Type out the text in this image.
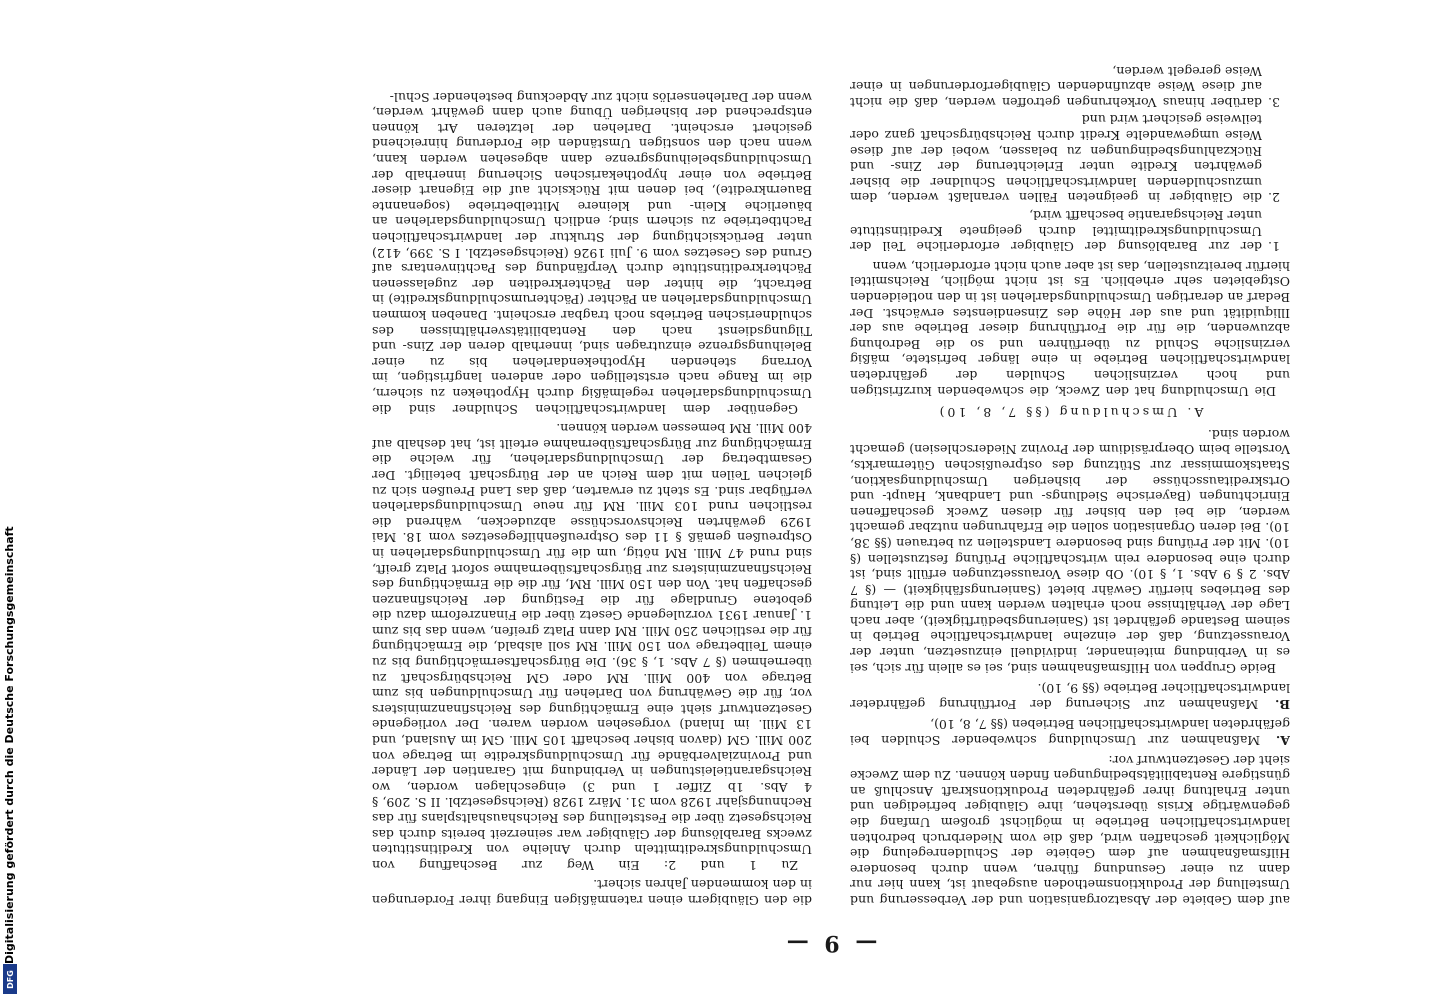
Digitalisierung gefördert durch die Deutsche Forschungsgemeinschaft
DFG
— 9 —

auf dem Gebiete der Absatzorganisation und der Verbesserung und Umstellung der Produktionsmethoden ausgebaut ist, kann hier nur dann zu einer Gesundung führen, wenn durch besondere Hilfsmaßnahmen auf dem Gebiete der Schuldenregelung die Möglichkeit geschaffen wird, daß die vom Niederbruch bedrohten landwirtschaftlichen Betriebe in möglichst großem Umfang die gegenwärtige Krisis überstehen, ihre Gläubiger befriedigen und unter Erhaltung ihrer gefährdeten Produktionskraft Anschluß an günstigere Rentabilitätsbedingungen finden können. Zu dem Zwecke sieht der Gesetzentwurf vor:

A. Maßnahmen zur Umschuldung schwebender Schulden bei gefährdeten landwirtschaftlichen Betrieben (§§ 7, 8, 10),
B. Maßnahmen zur Sicherung der Fortführung gefährdeter landwirtschaftlicher Betriebe (§§ 9, 10).

Beide Gruppen von Hilfsmaßnahmen sind, sei es allein für sich, sei es in Verbindung miteinander, individuell einzusetzen, unter der Voraussetzung, daß der einzelne landwirtschaftliche Betrieb in seinem Bestande gefährdet ist (Sanierungsbedürftigkeit), aber nach Lage der Verhältnisse noch erhalten werden kann und die Leitung des Betriebes hierfür Gewähr bietet (Sanierungsfähigkeit) — (§ 7 Abs. 2 § 9 Abs. 1, § 10). Ob diese Voraussetzungen erfüllt sind, ist durch eine besondere rein wirtschaftliche Prüfung festzustellen (§ 10). Mit der Prüfung sind besondere Landstellen zu betrauen (§§ 38, 10). Bei deren Organisation sollen die Erfahrungen nutzbar gemacht werden, die bei den bisher für diesen Zweck geschaffenen Einrichtungen (Bayerische Siedlungs- und Landbank, Haupt- und Ortskreditausschüsse der bisherigen Umschuldungsaktion, Staatskommissar zur Stützung des ostpreußischen Gütermarkts, Vorstelle beim Oberpräsidium der Provinz Niederschlesien) gemacht worden sind.

A. Umschuldung (§§ 7, 8, 10)

Die Umschuldung hat den Zweck, die schwebenden kurzfristigen und hoch verzinslichen Schulden der gefährdeten landwirtschaftlichen Betriebe in eine länger befristete, mäßig verzinsliche Schuld zu überführen und so die Bedrohung abzuwenden, die für die Fortführung dieser Betriebe aus der Illiquidität und aus der Höhe des Zinsendienstes erwächst. Der Bedarf an derartigen Umschuldungsdarlehen ist in den notleidenden Ostgebieten sehr erheblich. Es ist nicht möglich, Reichsmittel hierfür bereitzustellen, das ist aber auch nicht erforderlich, wenn

1.
der zur Barablösung der Gläubiger erforderliche Teil der Umschuldungskreditmittel durch geeignete Kreditinstitute unter Reichsgarantie beschafft wird,
2.
die Gläubiger in geeigneten Fällen veranlaßt werden, dem umzuschuldenden landwirtschaftlichen Schuldner die bisher gewährten Kredite unter Erleichterung der Zins- und Rückzahlungsbedingungen zu belassen, wobei der auf diese Weise umgewandelte Kredit durch Reichsbürgschaft ganz oder teilweise gesichert wird und
3.
darüber hinaus Vorkehrungen getroffen werden, daß die nicht auf diese Weise abzufindenden Gläubigerforderungen in einer Weise geregelt werden,

die den Gläubigern einen ratenmäßigen Eingang ihrer Forderungen in den kommenden Jahren sichert.

Zu 1 und 2: Ein Weg zur Beschaffung von Umschuldungskreditmitteln durch Anleihe von Kreditinstituten zwecks Barablösung der Gläubiger war seinerzeit bereits durch das Reichsgesetz über die Feststellung des Reichshaushaltsplans für das Rechnungsjahr 1928 vom 31. März 1928 (Reichsgesetzbl. II S. 209, § 4 Abs. 1b Ziffer 1 und 3) eingeschlagen worden, wo Reichsgarantieleistungen in Verbindung mit Garantien der Länder und Provinzialverbände für Umschuldungskredite im Betrage von 200 Mill. GM (davon bisher beschafft 105 Mill. GM im Ausland, und 13 Mill. im Inland) vorgesehen worden waren. Der vorliegende Gesetzentwurf sieht eine Ermächtigung des Reichsfinanzministers vor, für die Gewährung von Darlehen für Umschuldungen bis zum Betrage von 400 Mill. RM oder GM Reichsbürgschaft zu übernehmen (§ 7 Abs. 1, § 36). Die Bürgschaftsermächtigung bis zu einem Teilbetrage von 150 Mill. RM soll alsbald, die Ermächtigung für die restlichen 250 Mill. RM dann Platz greifen, wenn das bis zum 1. Januar 1931 vorzulegende Gesetz über die Finanzreform dazu die gebotene Grundlage für die Festigung der Reichsfinanzen geschaffen hat. Von den 150 Mill. RM, für die die Ermächtigung des Reichsfinanzministers zur Bürgschaftsübernahme sofort Platz greift, sind rund 47 Mill. RM nötig, um die für Umschuldungsdarlehen in Ostpreußen gemäß § 11 des Ostpreußenhilfegesetzes vom 18. Mai 1929 gewährten Reichsvorschüsse abzudecken, während die restlichen rund 103 Mill. RM für neue Umschuldungsdarlehen verfügbar sind. Es steht zu erwarten, daß das Land Preußen sich zu gleichen Teilen mit dem Reich an der Bürgschaft beteiligt. Der Gesamtbetrag der Umschuldungsdarlehen, für welche die Ermächtigung zur Bürgschaftsübernahme erteilt ist, hat deshalb auf 400 Mill. RM bemessen werden können.

Gegenüber dem landwirtschaftlichen Schuldner sind die Umschuldungsdarlehen regelmäßig durch Hypotheken zu sichern, die im Range nach erststelligen oder anderen langfristigen, im Vorrang stehenden Hypothekendarlehen bis zu einer Beleihungsgrenze einzutragen sind, innerhalb deren der Zins- und Tilgungsdienst nach den Rentabilitätsverhältnissen des schuldnerischen Betriebs noch tragbar erscheint. Daneben kommen Umschuldungsdarlehen an Pächter (Pächterumschuldungskredite) in Betracht, die hinter den Pächterkrediten der zugelassenen Pächterkreditinstitute durch Verpfändung des Pachtinventars auf Grund des Gesetzes vom 9. Juli 1926 (Reichsgesetzbl. I S. 399, 412) unter Berücksichtigung der Struktur der landwirtschaftlichen Pachtbetriebe zu sichern sind; endlich Umschuldungsdarlehen an bäuerliche Klein- und kleinere Mittelbetriebe (sogenannte Bauernkredite), bei denen mit Rücksicht auf die Eigenart dieser Betriebe von einer hypothekarischen Sicherung innerhalb der Umschuldungsbeleihungsgrenze dann abgesehen werden kann, wenn nach den sonstigen Umständen die Forderung hinreichend gesichert erscheint. Darlehen der letzteren Art können entsprechend der bisherigen Übung auch dann gewährt werden, wenn der Darlehenserlös nicht zur Abdeckung bestehender Schul-
